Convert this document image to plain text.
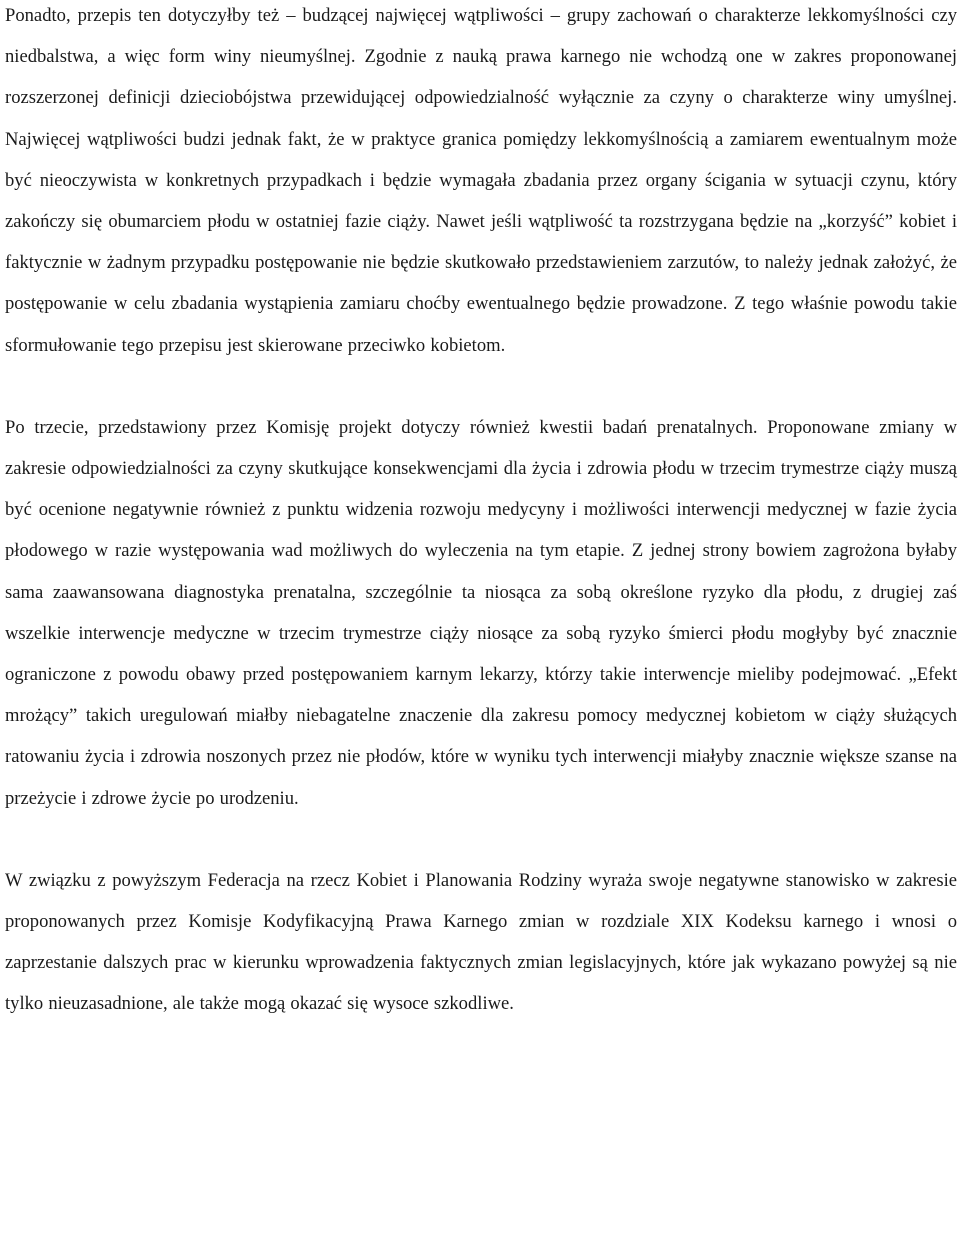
Ponadto, przepis ten dotyczyłby też – budzącej najwięcej wątpliwości – grupy zachowań o charakterze lekkomyślności czy niedbalstwa, a więc form winy nieumyślnej. Zgodnie z nauką prawa karnego nie wchodzą one w zakres proponowanej rozszerzonej definicji dzieciobójstwa przewidującej odpowiedzialność wyłącznie za czyny o charakterze winy umyślnej. Najwięcej wątpliwości budzi jednak fakt, że w praktyce granica pomiędzy lekkomyślnością a zamiarem ewentualnym może być nieoczywista w konkretnych przypadkach i będzie wymagała zbadania przez organy ścigania w sytuacji czynu, który zakończy się obumarciem płodu w ostatniej fazie ciąży. Nawet jeśli wątpliwość ta rozstrzygana będzie na „korzyść” kobiet i faktycznie w żadnym przypadku postępowanie nie będzie skutkowało przedstawieniem zarzutów, to należy jednak założyć, że postępowanie w celu zbadania wystąpienia zamiaru choćby ewentualnego będzie prowadzone. Z tego właśnie powodu takie sformułowanie tego przepisu jest skierowane przeciwko kobietom.

Po trzecie, przedstawiony przez Komisję projekt dotyczy również kwestii badań prenatalnych. Proponowane zmiany w zakresie odpowiedzialności za czyny skutkujące konsekwencjami dla życia i zdrowia płodu w trzecim trymestrze ciąży muszą być ocenione negatywnie również z punktu widzenia rozwoju medycyny i możliwości interwencji medycznej w fazie życia płodowego w razie występowania wad możliwych do wyleczenia na tym etapie. Z jednej strony bowiem zagrożona byłaby sama zaawansowana diagnostyka prenatalna, szczególnie ta niosąca za sobą określone ryzyko dla płodu, z drugiej zaś wszelkie interwencje medyczne w trzecim trymestrze ciąży niosące za sobą ryzyko śmierci płodu mogłyby być znacznie ograniczone z powodu obawy przed postępowaniem karnym lekarzy, którzy takie interwencje mieliby podejmować. „Efekt mrożący” takich uregulowań miałby niebagatelne znaczenie dla zakresu pomocy medycznej kobietom w ciąży służących ratowaniu życia i zdrowia noszonych przez nie płodów, które w wyniku tych interwencji miałyby znacznie większe szanse na przeżycie i zdrowe życie po urodzeniu.

W związku z powyższym Federacja na rzecz Kobiet i Planowania Rodziny wyraża swoje negatywne stanowisko w zakresie proponowanych przez Komisje Kodyfikacyjną Prawa Karnego zmian w rozdziale XIX Kodeksu karnego i wnosi o zaprzestanie dalszych prac w kierunku wprowadzenia faktycznych zmian legislacyjnych, które jak wykazano powyżej są nie tylko nieuzasadnione, ale także mogą okazać się wysoce szkodliwe.
